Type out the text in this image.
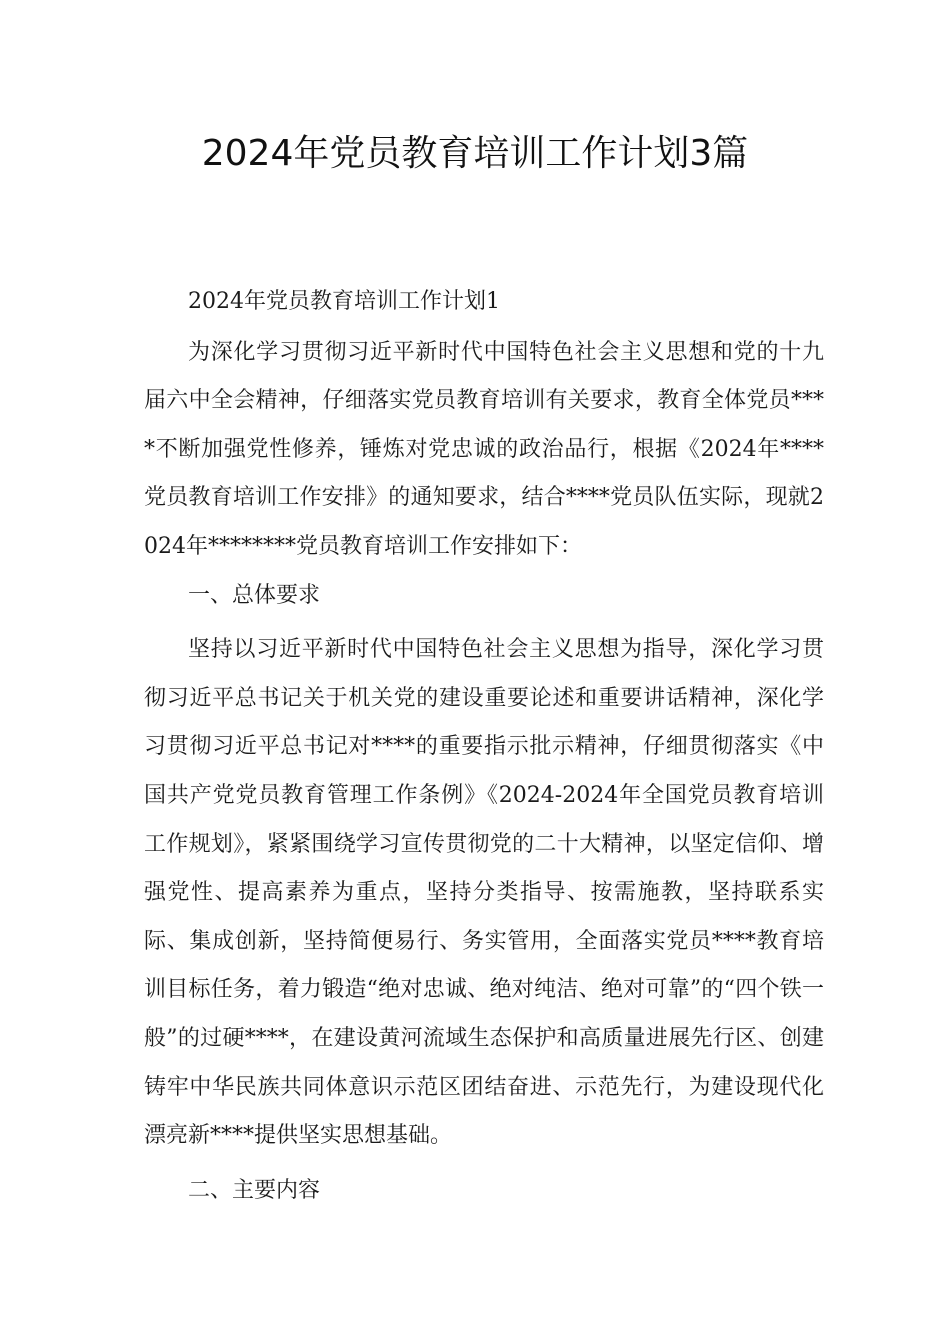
2024年党员教育培训工作计划3篇

2024年党员教育培训工作计划1

为深化学习贯彻习近平新时代中国特色社会主义思想和党的十九届六中全会精神，仔细落实党员教育培训有关要求，教育全体党员****不断加强党性修养，锤炼对党忠诚的政治品行，根据《2024年****党员教育培训工作安排》的通知要求，结合****党员队伍实际，现就2024年********党员教育培训工作安排如下：

一、总体要求

坚持以习近平新时代中国特色社会主义思想为指导，深化学习贯彻习近平总书记关于机关党的建设重要论述和重要讲话精神，深化学习贯彻习近平总书记对****的重要指示批示精神，仔细贯彻落实《中国共产党党员教育管理工作条例》《2024-2024年全国党员教育培训工作规划》，紧紧围绕学习宣传贯彻党的二十大精神，以坚定信仰、增强党性、提高素养为重点，坚持分类指导、按需施教，坚持联系实际、集成创新，坚持简便易行、务实管用，全面落实党员****教育培训目标任务，着力锻造“绝对忠诚、绝对纯洁、绝对可靠”的“四个铁一般”的过硬****，在建设黄河流域生态保护和高质量进展先行区、创建铸牢中华民族共同体意识示范区团结奋进、示范先行，为建设现代化漂亮新****提供坚实思想基础。

二、主要内容
